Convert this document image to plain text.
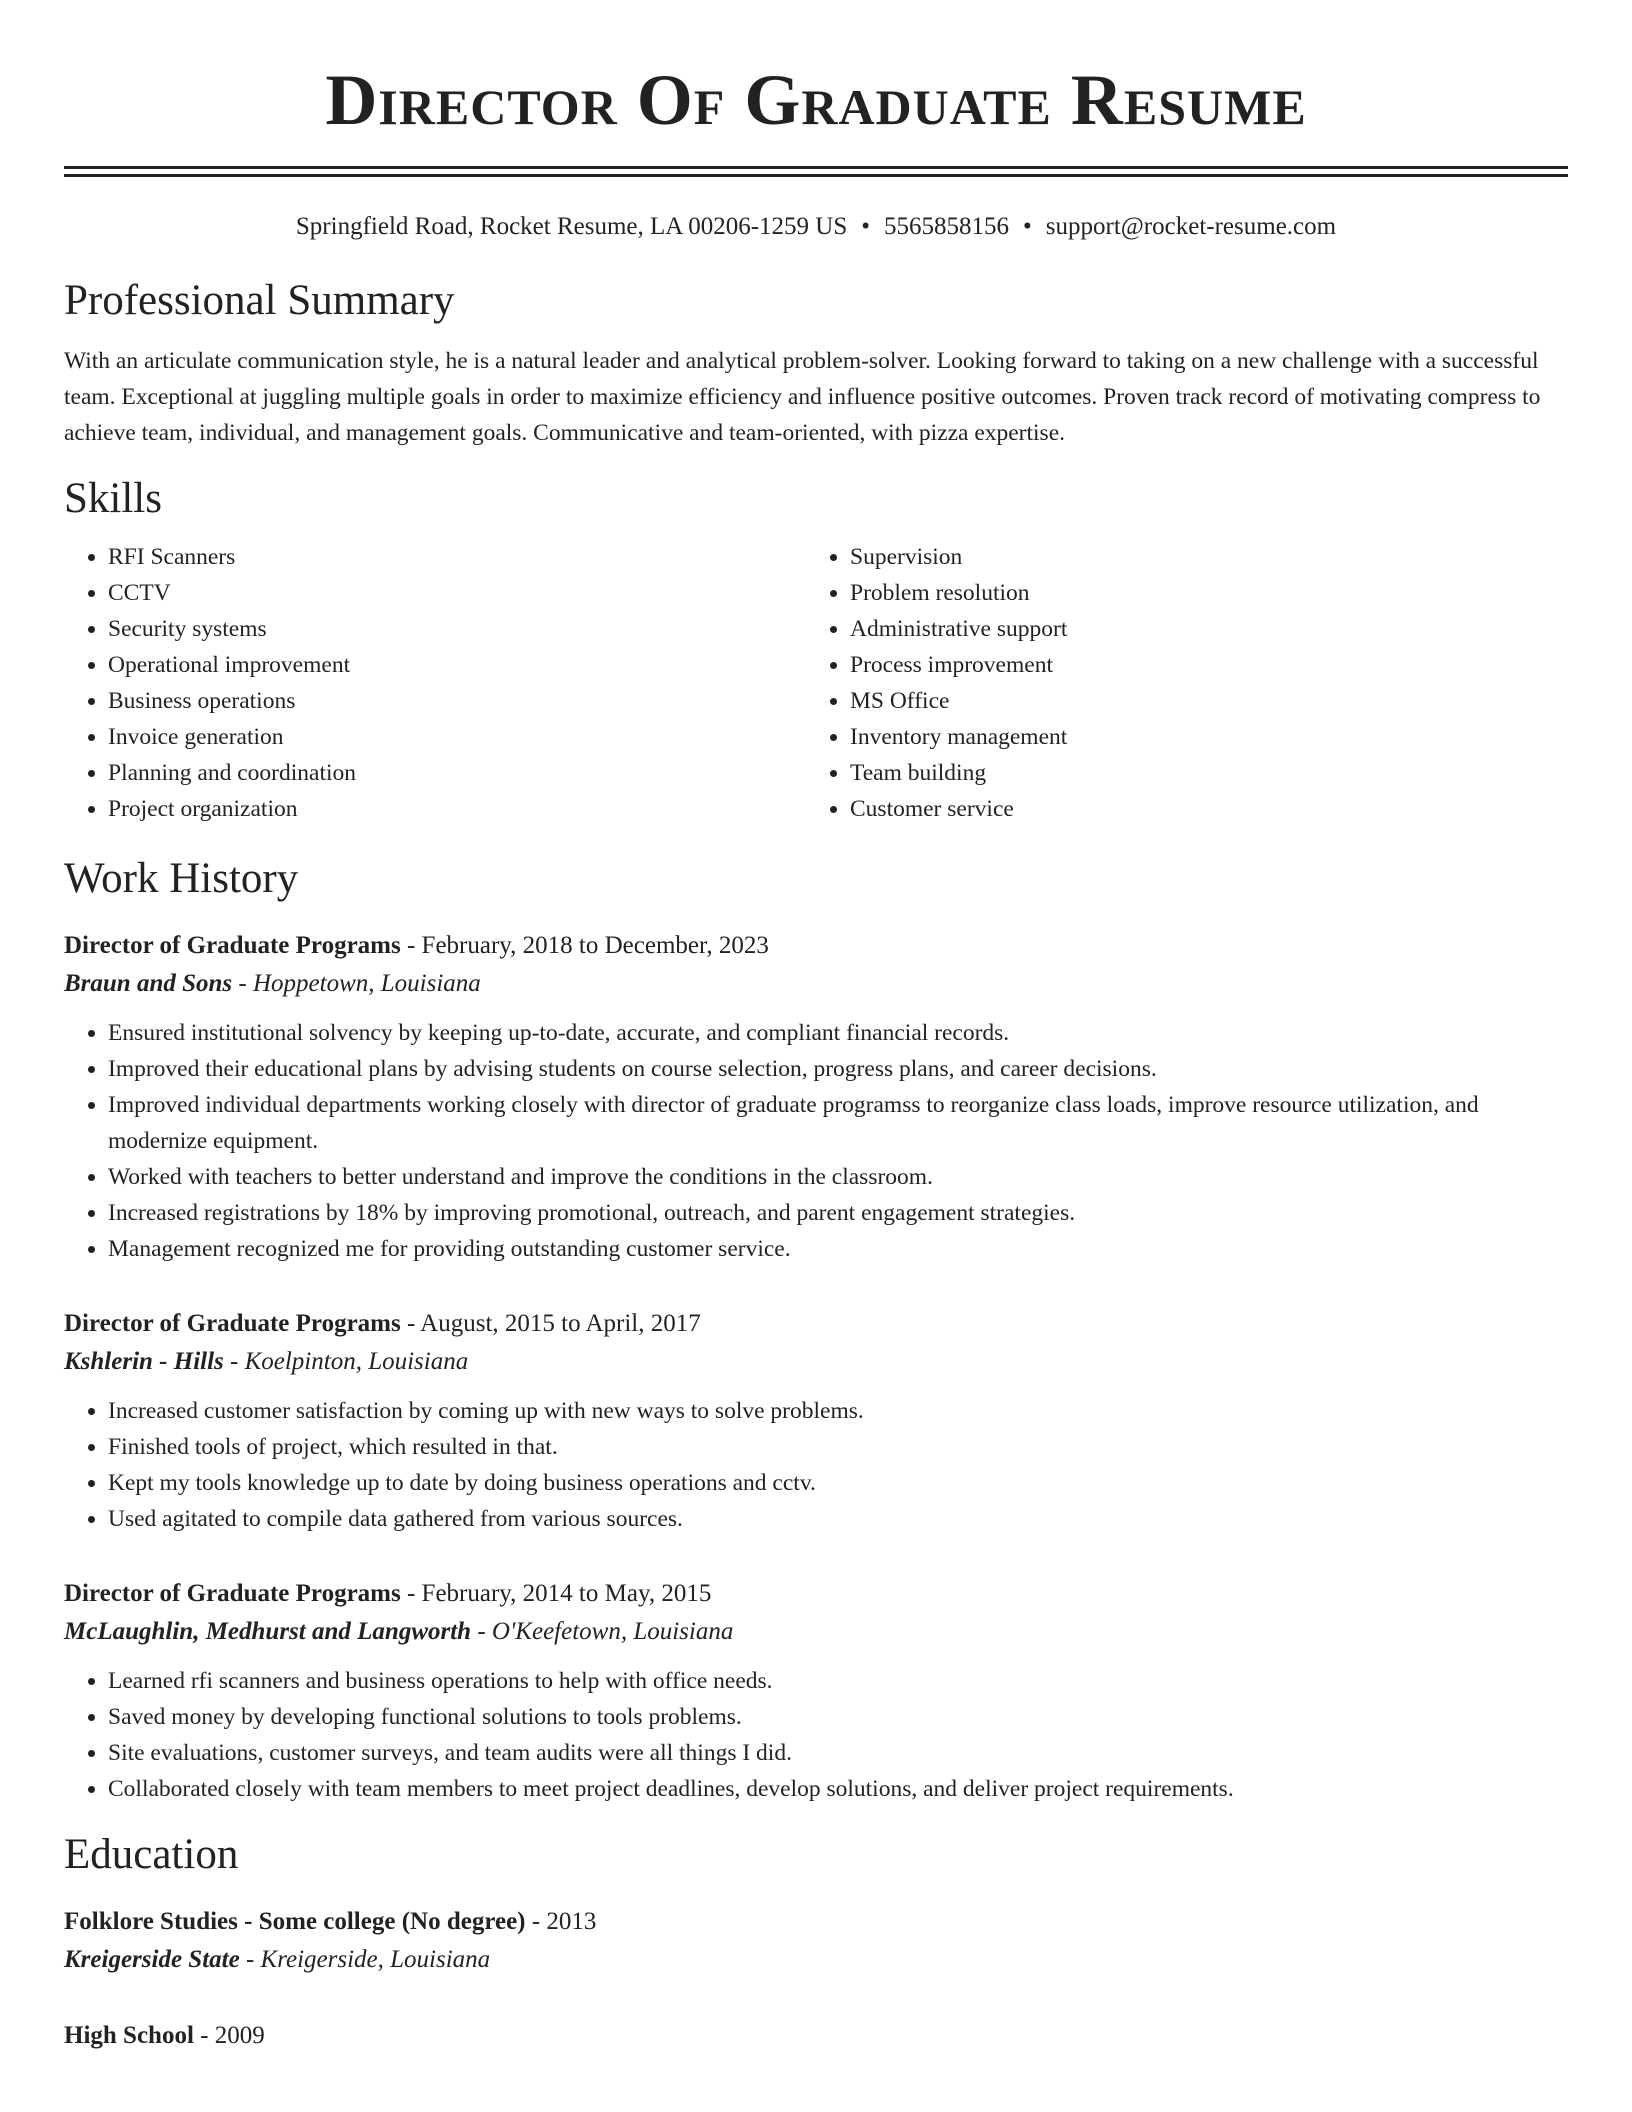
Director Of Graduate Resume
Springfield Road, Rocket Resume, LA 00206-1259 US • 5565858156 • support@rocket-resume.com
Professional Summary

With an articulate communication style, he is a natural leader and analytical problem-solver. Looking forward to taking on a new challenge with a successful team. Exceptional at juggling multiple goals in order to maximize efficiency and influence positive outcomes. Proven track record of motivating compress to achieve team, individual, and management goals. Communicative and team-oriented, with pizza expertise.

Skills
• RFI Scanners
• CCTV
• Security systems
• Operational improvement
• Business operations
• Invoice generation
• Planning and coordination
• Project organization
• Supervision
• Problem resolution
• Administrative support
• Process improvement
• MS Office
• Inventory management
• Team building
• Customer service
Work History
Director of Graduate Programs - February, 2018 to December, 2023
Braun and Sons - Hoppetown, Louisiana
• Ensured institutional solvency by keeping up-to-date, accurate, and compliant financial records.
• Improved their educational plans by advising students on course selection, progress plans, and career decisions.
• Improved individual departments working closely with director of graduate programss to reorganize class loads, improve resource utilization, and modernize equipment.
• Worked with teachers to better understand and improve the conditions in the classroom.
• Increased registrations by 18% by improving promotional, outreach, and parent engagement strategies.
• Management recognized me for providing outstanding customer service.
Director of Graduate Programs - August, 2015 to April, 2017
Kshlerin - Hills - Koelpinton, Louisiana
• Increased customer satisfaction by coming up with new ways to solve problems.
• Finished tools of project, which resulted in that.
• Kept my tools knowledge up to date by doing business operations and cctv.
• Used agitated to compile data gathered from various sources.
Director of Graduate Programs - February, 2014 to May, 2015
McLaughlin, Medhurst and Langworth - O'Keefetown, Louisiana
• Learned rfi scanners and business operations to help with office needs.
• Saved money by developing functional solutions to tools problems.
• Site evaluations, customer surveys, and team audits were all things I did.
• Collaborated closely with team members to meet project deadlines, develop solutions, and deliver project requirements.
Education
Folklore Studies - Some college (No degree) - 2013
Kreigerside State - Kreigerside, Louisiana
High School - 2009
